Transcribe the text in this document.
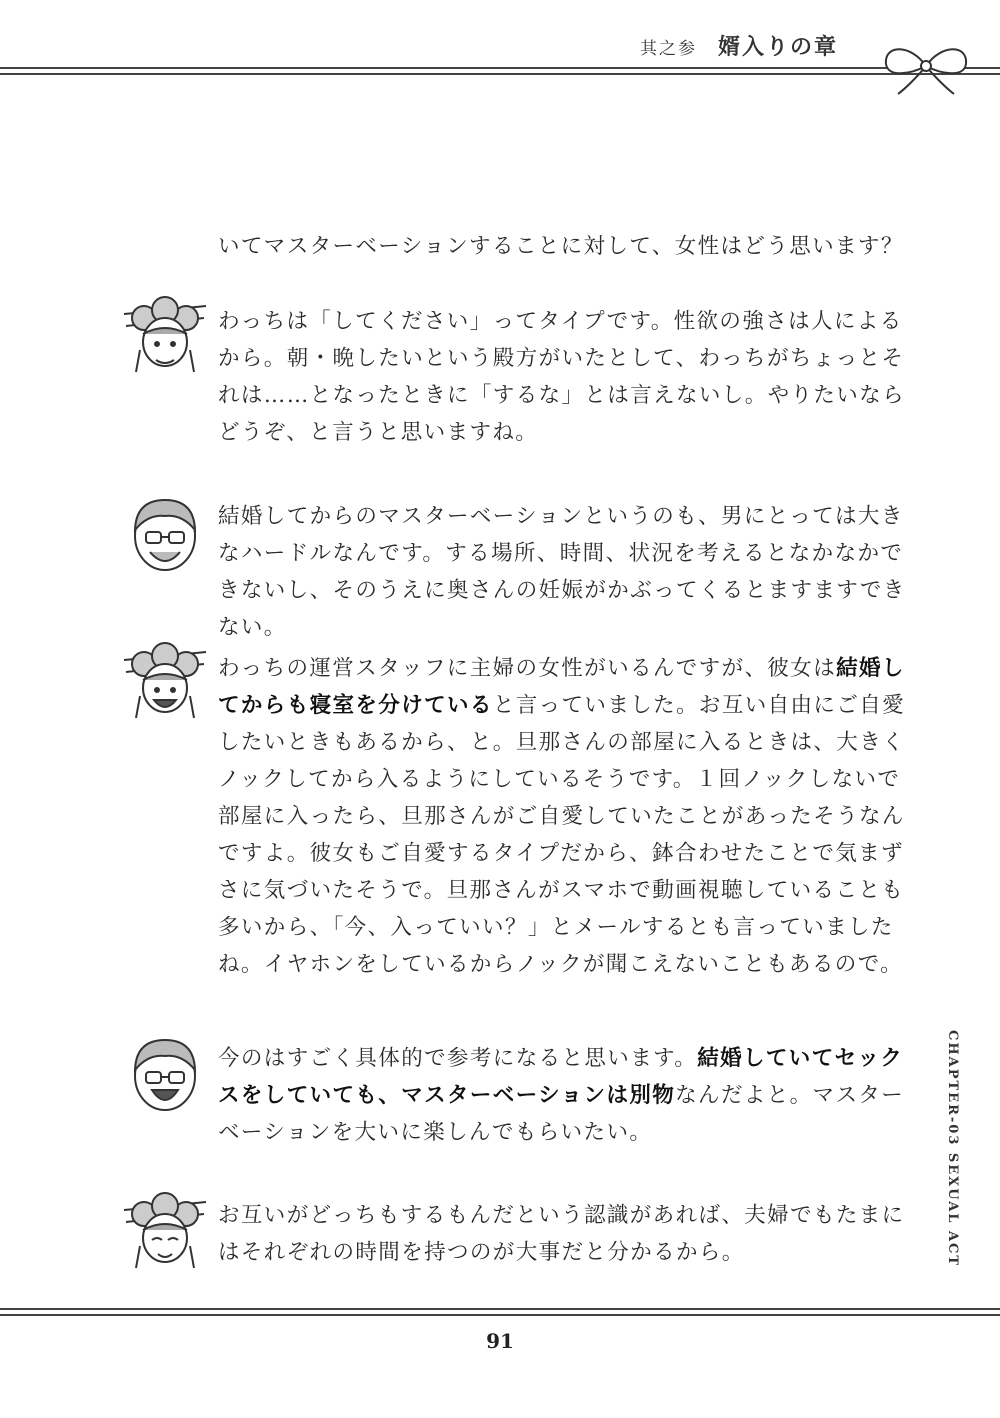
其之参 婿入りの章
いてマスターベーションすることに対して、女性はどう思います？
わっちは「してください」ってタイプです。性欲の強さは人によるから。朝・晩したいという殿方がいたとして、わっちがちょっとそれは……となったときに「するな」とは言えないし。やりたいならどうぞ、と言うと思いますね。
結婚してからのマスターベーションというのも、男にとっては大きなハードルなんです。する場所、時間、状況を考えるとなかなかできないし、そのうえに奥さんの妊娠がかぶってくるとますますできない。
わっちの運営スタッフに主婦の女性がいるんですが、彼女は結婚してからも寝室を分けていると言っていました。お互い自由にご自愛したいときもあるから、と。旦那さんの部屋に入るときは、大きくノックしてから入るようにしているそうです。１回ノックしないで部屋に入ったら、旦那さんがご自愛していたことがあったそうなんですよ。彼女もご自愛するタイプだから、鉢合わせたことで気まずさに気づいたそうで。旦那さんがスマホで動画視聴していることも多いから、「今、入っていい？」とメールするとも言っていましたね。イヤホンをしているからノックが聞こえないこともあるので。
今のはすごく具体的で参考になると思います。結婚していてセックスをしていても、マスターベーションは別物なんだよと。マスターベーションを大いに楽しんでもらいたい。
お互いがどっちもするもんだという認識があれば、夫婦でもたまにはそれぞれの時間を持つのが大事だと分かるから。	CHAPTER-03 SEXUAL ACT
91
